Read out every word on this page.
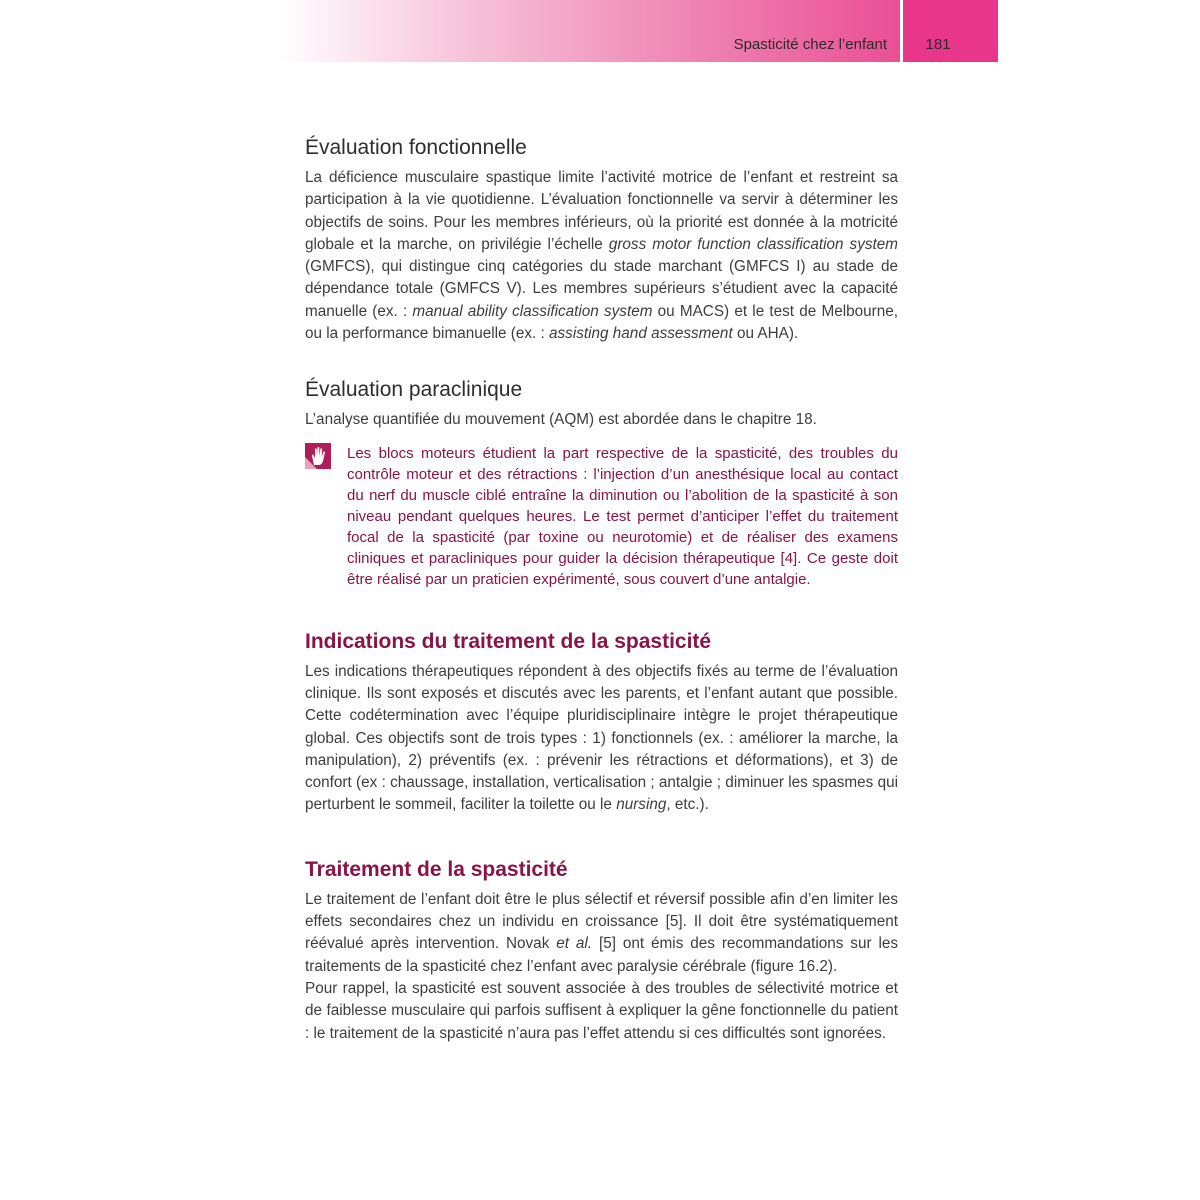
Spasticité chez l’enfant	181
Évaluation fonctionnelle

La déficience musculaire spastique limite l’activité motrice de l’enfant et restreint sa participation à la vie quotidienne. L’évaluation fonctionnelle va servir à déterminer les objectifs de soins. Pour les membres inférieurs, où la priorité est donnée à la motricité globale et la marche, on privilégie l’échelle gross motor function classification system (GMFCS), qui distingue cinq catégories du stade marchant (GMFCS I) au stade de dépendance totale (GMFCS V). Les membres supérieurs s’étudient avec la capacité manuelle (ex. : manual ability classification system ou MACS) et le test de Melbourne, ou la performance bimanuelle (ex. : assisting hand assessment ou AHA).

Évaluation paraclinique

L’analyse quantifiée du mouvement (AQM) est abordée dans le chapitre 18.

Les blocs moteurs étudient la part respective de la spasticité, des troubles du contrôle moteur et des rétractions : l’injection d’un anesthésique local au contact du nerf du muscle ciblé entraîne la diminution ou l’abolition de la spasticité à son niveau pendant quelques heures. Le test permet d’anticiper l’effet du traitement focal de la spasticité (par toxine ou neurotomie) et de réaliser des examens cliniques et paracliniques pour guider la décision thérapeutique [4]. Ce geste doit être réalisé par un praticien expérimenté, sous couvert d’une antalgie.

Indications du traitement de la spasticité

Les indications thérapeutiques répondent à des objectifs fixés au terme de l’évaluation clinique. Ils sont exposés et discutés avec les parents, et l’enfant autant que possible. Cette codétermination avec l’équipe pluridisciplinaire intègre le projet thérapeutique global. Ces objectifs sont de trois types : 1) fonctionnels (ex. : améliorer la marche, la manipulation), 2) préventifs (ex. : prévenir les rétractions et déformations), et 3) de confort (ex : chaussage, installation, verticalisation ; antalgie ; diminuer les spasmes qui perturbent le sommeil, faciliter la toilette ou le nursing, etc.).

Traitement de la spasticité

Le traitement de l’enfant doit être le plus sélectif et réversif possible afin d’en limiter les effets secondaires chez un individu en croissance [5]. Il doit être systématiquement réévalué après intervention. Novak et al. [5] ont émis des recommandations sur les traitements de la spasticité chez l’enfant avec paralysie cérébrale (figure 16.2).

Pour rappel, la spasticité est souvent associée à des troubles de sélectivité motrice et de faiblesse musculaire qui parfois suffisent à expliquer la gêne fonctionnelle du patient : le traitement de la spasticité n’aura pas l’effet attendu si ces difficultés sont ignorées.
